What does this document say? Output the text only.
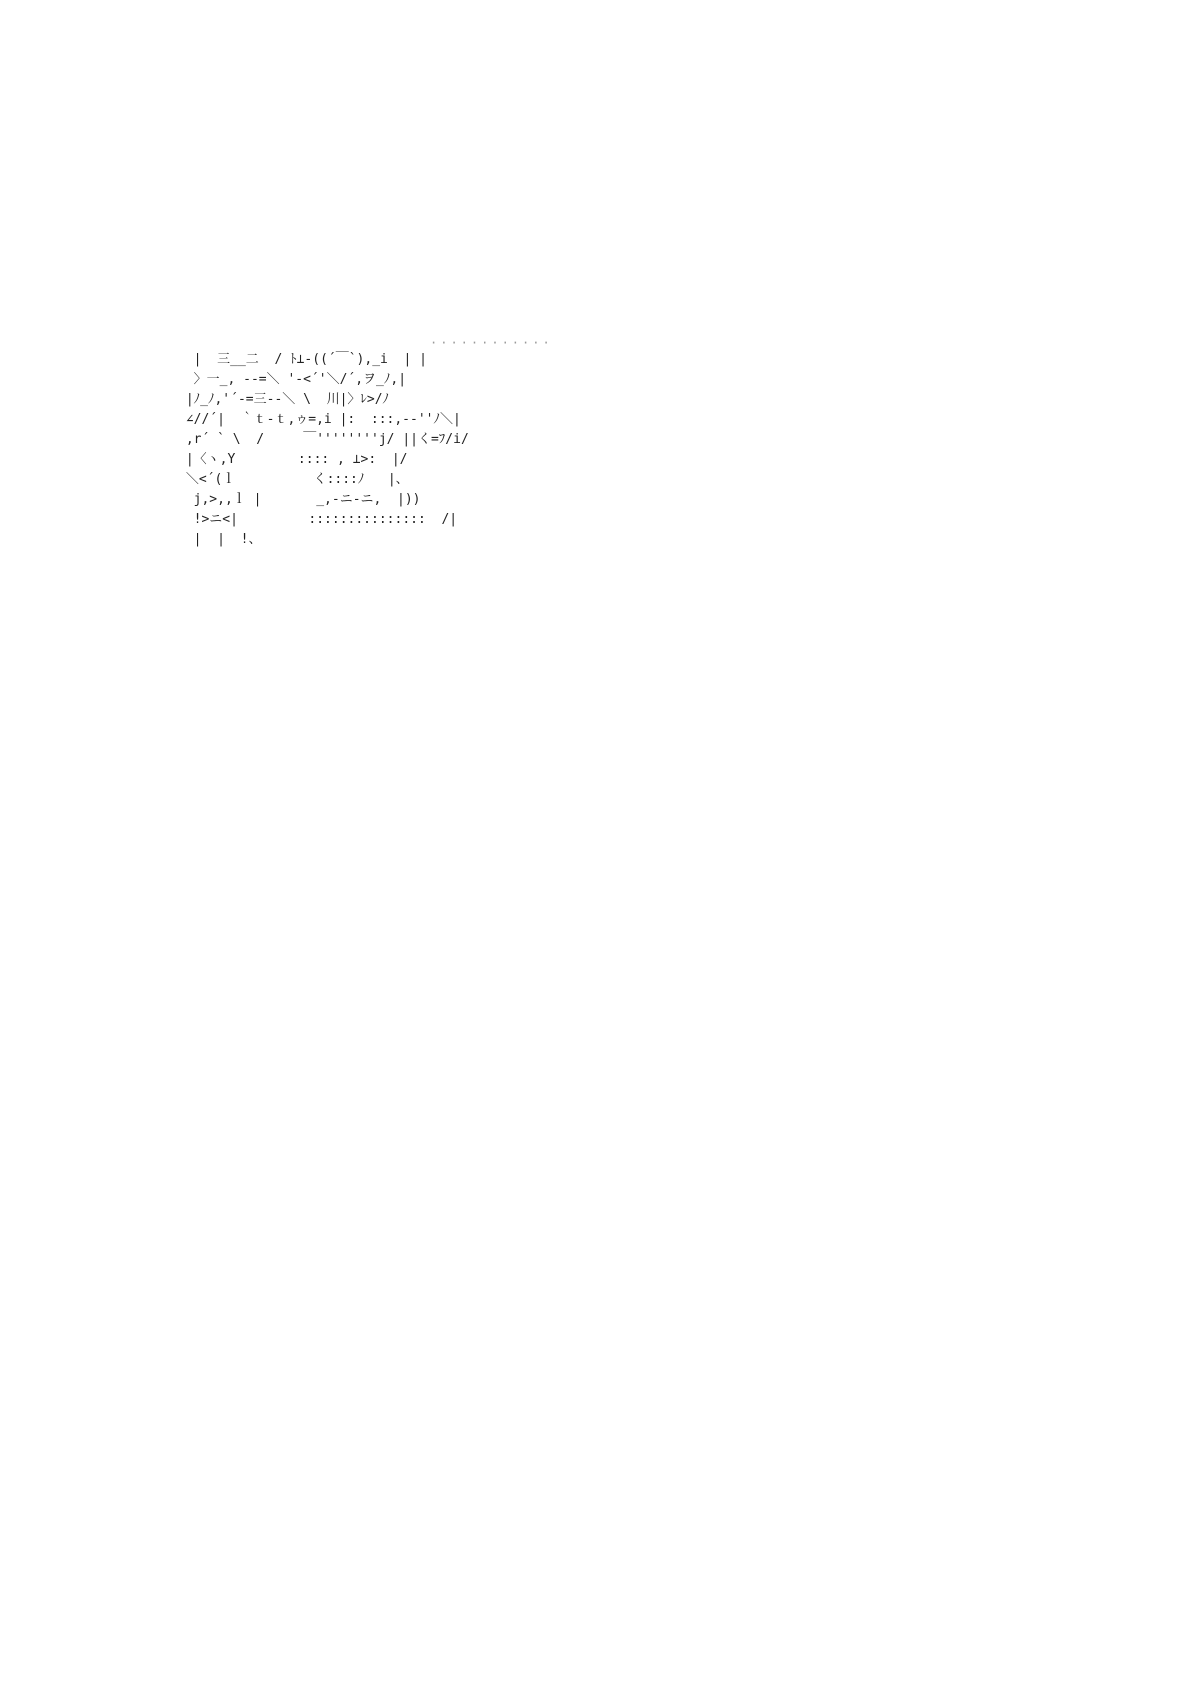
············
|  三__二  / ﾄ⊥-((´￣`),_i  | |
〉一_, --=＼ '-<´'＼/´,ヲ_ﾉ,|
|ﾉ_ﾉ,'´-=三--＼ \  川|〉ﾚ>/ﾉ
∠//´|  ｀ｔ-ｔ,ゥ=,i |:  :::,--''ﾉ＼|
,r´ ` \  /     ￣''''''''j/ ||く=ﾌ/i/
|〈ヽ,Y        :::: , ⊥>:  |/
＼<´(ｌ          く::::ﾉ   |、
j,>,,ｌ |       _,-ニ-ニ,  |))
!>ニ<|         :::::::::::::::  /|
|  |  !、
